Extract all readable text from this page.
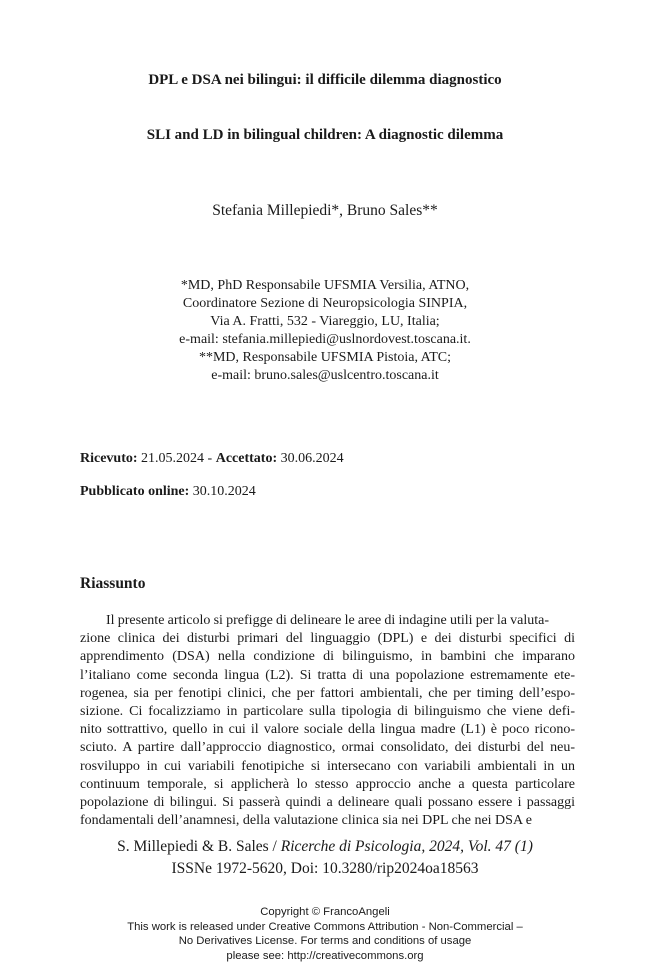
DPL e DSA nei bilingui: il difficile dilemma diagnostico
SLI and LD in bilingual children: A diagnostic dilemma
Stefania Millepiedi*, Bruno Sales**
*MD, PhD Responsabile UFSMIA Versilia, ATNO,
Coordinatore Sezione di Neuropsicologia SINPIA,
Via A. Fratti, 532 - Viareggio, LU, Italia;
e-mail: stefania.millepiedi@uslnordovest.toscana.it.
**MD, Responsabile UFSMIA Pistoia, ATC;
e-mail: bruno.sales@uslcentro.toscana.it
Ricevuto: 21.05.2024 - Accettato: 30.06.2024
Pubblicato online: 30.10.2024
Riassunto
Il presente articolo si prefigge di delineare le aree di indagine utili per la valuta-
zione clinica dei disturbi primari del linguaggio (DPL) e dei disturbi specifici di
apprendimento (DSA) nella condizione di bilinguismo, in bambini che imparano
l’italiano come seconda lingua (L2). Si tratta di una popolazione estremamente ete-
rogenea, sia per fenotipi clinici, che per fattori ambientali, che per timing dell’espo-
sizione. Ci focalizziamo in particolare sulla tipologia di bilinguismo che viene defi-
nito sottrattivo, quello in cui il valore sociale della lingua madre (L1) è poco ricono-
sciuto. A partire dall’approccio diagnostico, ormai consolidato, dei disturbi del neu-
rosviluppo in cui variabili fenotipiche si intersecano con variabili ambientali in un
continuum temporale, si applicherà lo stesso approccio anche a questa particolare
popolazione di bilingui. Si passerà quindi a delineare quali possano essere i passaggi
fondamentali dell’anamnesi, della valutazione clinica sia nei DPL che nei DSA e
S. Millepiedi & B. Sales / Ricerche di Psicologia, 2024, Vol. 47 (1)
ISSNe 1972-5620, Doi: 10.3280/rip2024oa18563
Copyright © FrancoAngeli
This work is released under Creative Commons Attribution - Non-Commercial –
No Derivatives License. For terms and conditions of usage
please see: http://creativecommons.org
